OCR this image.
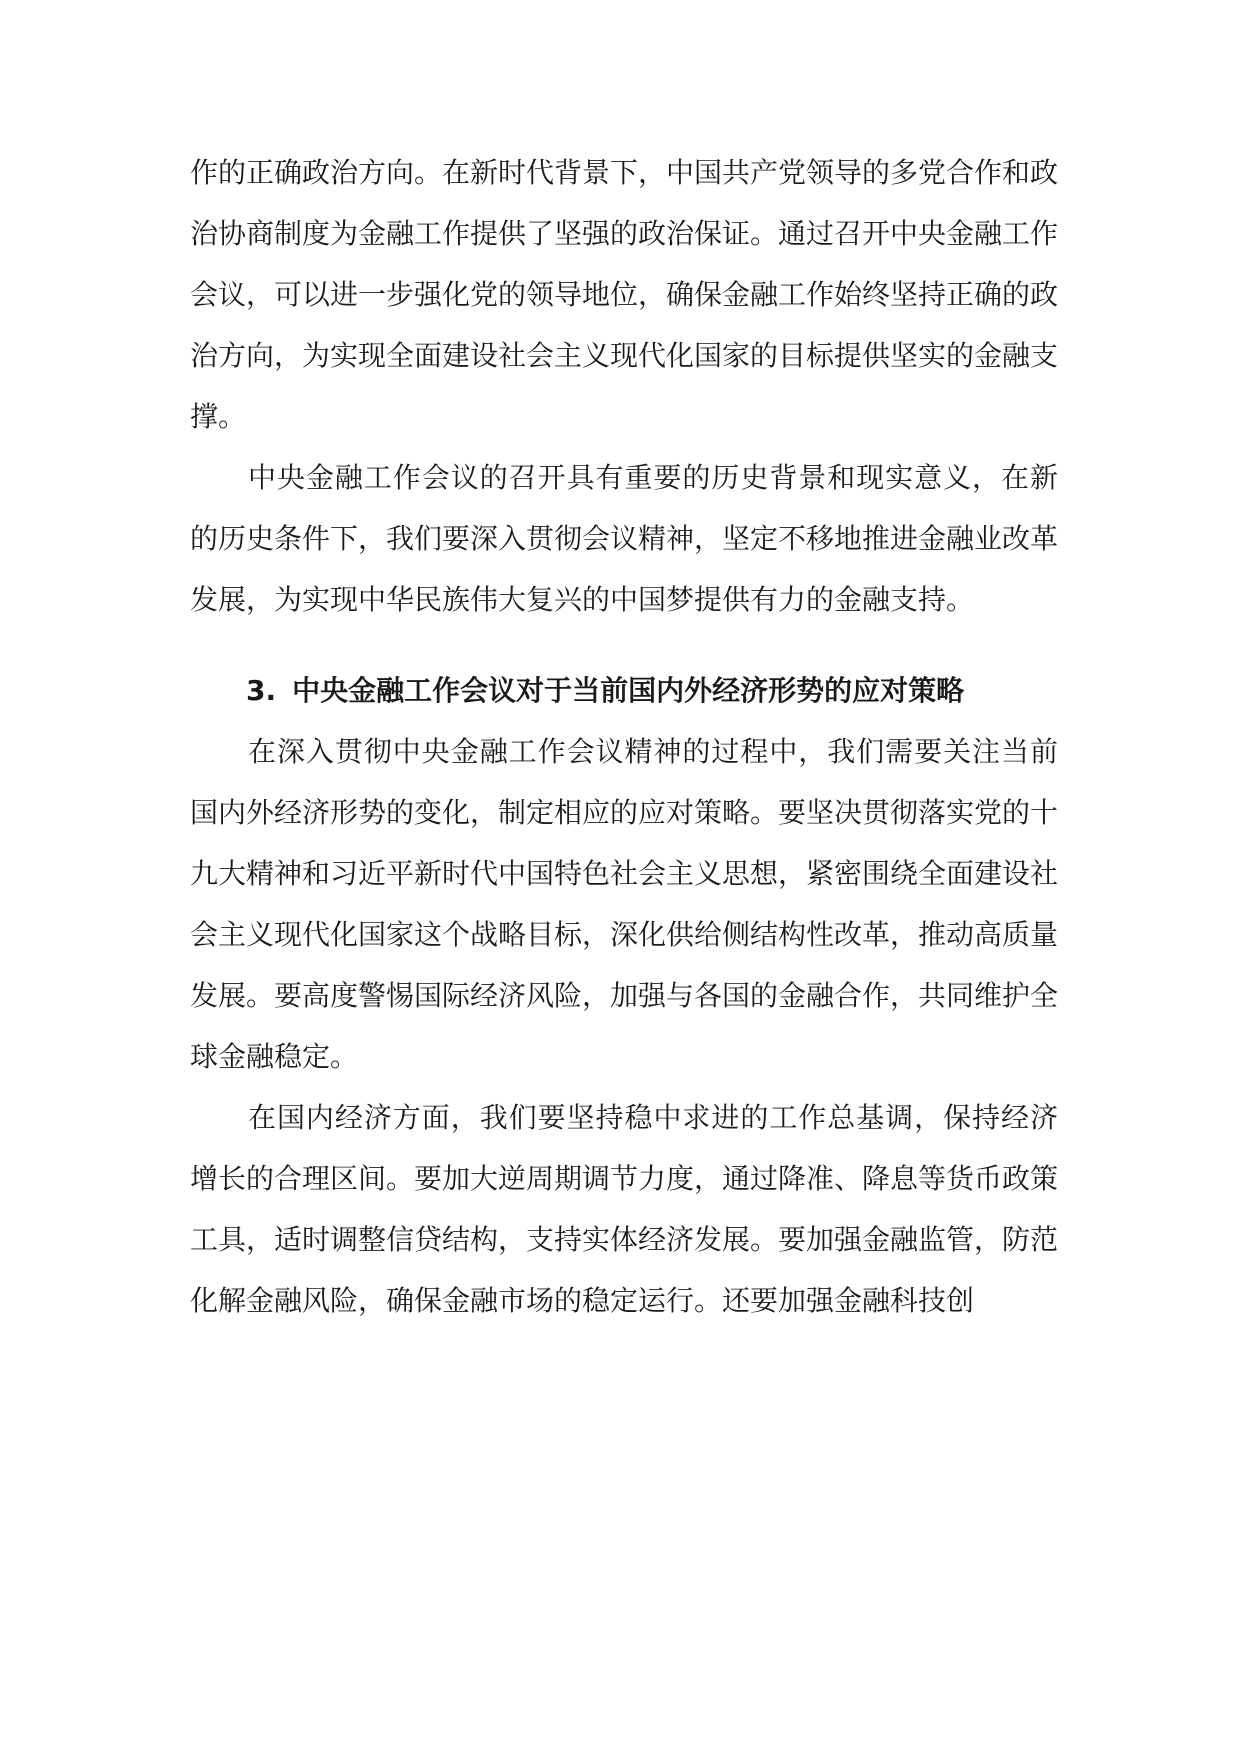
作的正确政治方向。在新时代背景下，中国共产党领导的多党合作和政治协商制度为金融工作提供了坚强的政治保证。通过召开中央金融工作会议，可以进一步强化党的领导地位，确保金融工作始终坚持正确的政治方向，为实现全面建设社会主义现代化国家的目标提供坚实的金融支撑。

中央金融工作会议的召开具有重要的历史背景和现实意义，在新的历史条件下，我们要深入贯彻会议精神，坚定不移地推进金融业改革发展，为实现中华民族伟大复兴的中国梦提供有力的金融支持。

3. 中央金融工作会议对于当前国内外经济形势的应对策略

在深入贯彻中央金融工作会议精神的过程中，我们需要关注当前国内外经济形势的变化，制定相应的应对策略。要坚决贯彻落实党的十九大精神和习近平新时代中国特色社会主义思想，紧密围绕全面建设社会主义现代化国家这个战略目标，深化供给侧结构性改革，推动高质量发展。要高度警惕国际经济风险，加强与各国的金融合作，共同维护全球金融稳定。

在国内经济方面，我们要坚持稳中求进的工作总基调，保持经济增长的合理区间。要加大逆周期调节力度，通过降准、降息等货币政策工具，适时调整信贷结构，支持实体经济发展。要加强金融监管，防范化解金融风险，确保金融市场的稳定运行。还要加强金融科技创
